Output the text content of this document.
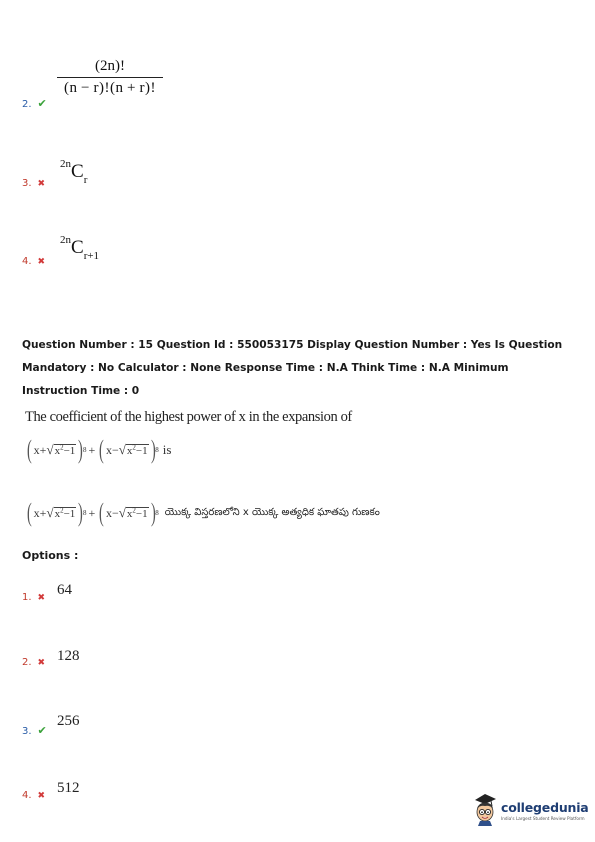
(2n)!
(n − r)!(n + r)!
2. ✔
$^{2n}C_r$
3. ✖
$^{2n}C_{r+1}$
4. ✖
Question Number : 15 Question Id : 550053175 Display Question Number : Yes Is Question Mandatory : No Calculator : None Response Time : N.A Think Time : N.A Minimum Instruction Time : 0
The coefficient of the highest power of x in the expansion of
( $x+ √x^2-1$ ) 8 + ( $x- √x^2-1$ ) 8 is
( $x+ √x^2-1$ ) 8 + ( $x- √x^2-1$ ) 8 యొక్క విస్తరణలోని x యొక్క అత్యధిక ఘాతపు గుణకం
Options :
64
1. ✖
128
2. ✖
256
3. ✔
512
4. ✖
collegedunia
India's Largest Student Review Platform
